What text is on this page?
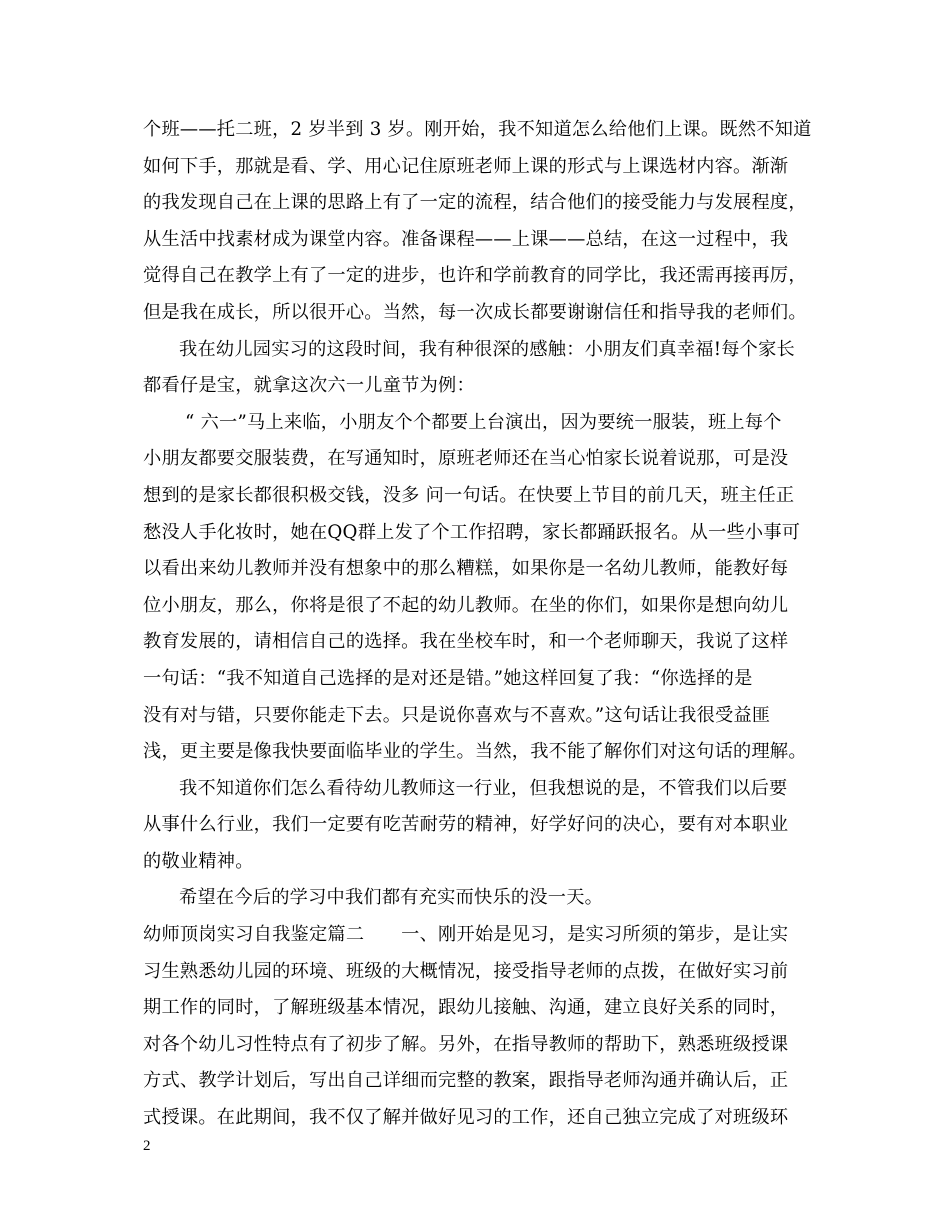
个班——托二班，2 岁半到 3 岁。刚开始，我不知道怎么给他们上课。既然不知道
如何下手，那就是看、学、用心记住原班老师上课的形式与上课选材内容。渐渐
的我发现自己在上课的思路上有了一定的流程，结合他们的接受能力与发展程度，
从生活中找素材成为课堂内容。准备课程——上课——总结，在这一过程中，我
觉得自己在教学上有了一定的进步，也许和学前教育的同学比，我还需再接再厉，
但是我在成长，所以很开心。当然，每一次成长都要谢谢信任和指导我的老师们。
我在幼儿园实习的这段时间，我有种很深的感触：小朋友们真幸福!每个家长
都看仔是宝，就拿这次六一儿童节为例：
“ 六一”马上来临，小朋友个个都要上台演出，因为要统一服装，班上每个
小朋友都要交服装费，在写通知时，原班老师还在当心怕家长说着说那，可是没
想到的是家长都很积极交钱，没多 问一句话。在快要上节目的前几天，班主任正
愁没人手化妆时，她在QQ群上发了个工作招聘，家长都踊跃报名。从一些小事可
以看出来幼儿教师并没有想象中的那么糟糕，如果你是一名幼儿教师，能教好每
位小朋友，那么，你将是很了不起的幼儿教师。在坐的你们，如果你是想向幼儿
教育发展的，请相信自己的选择。我在坐校车时，和一个老师聊天，我说了这样
一句话：“我不知道自己选择的是对还是错。”她这样回复了我：“你选择的是
没有对与错，只要你能走下去。只是说你喜欢与不喜欢。”这句话让我很受益匪
浅，更主要是像我快要面临毕业的学生。当然，我不能了解你们对这句话的理解。
我不知道你们怎么看待幼儿教师这一行业，但我想说的是，不管我们以后要
从事什么行业，我们一定要有吃苦耐劳的精神，好学好问的决心，要有对本职业
的敬业精神。
希望在今后的学习中我们都有充实而快乐的没一天。
幼师顶岗实习自我鉴定篇二　　一、刚开始是见习，是实习所须的第步，是让实
习生熟悉幼儿园的环境、班级的大概情况，接受指导老师的点拨，在做好实习前
期工作的同时，了解班级基本情况，跟幼儿接触、沟通，建立良好关系的同时，
对各个幼儿习性特点有了初步了解。另外，在指导教师的帮助下，熟悉班级授课
方式、教学计划后，写出自己详细而完整的教案，跟指导老师沟通并确认后，正
式授课。在此期间，我不仅了解并做好见习的工作，还自己独立完成了对班级环
2
